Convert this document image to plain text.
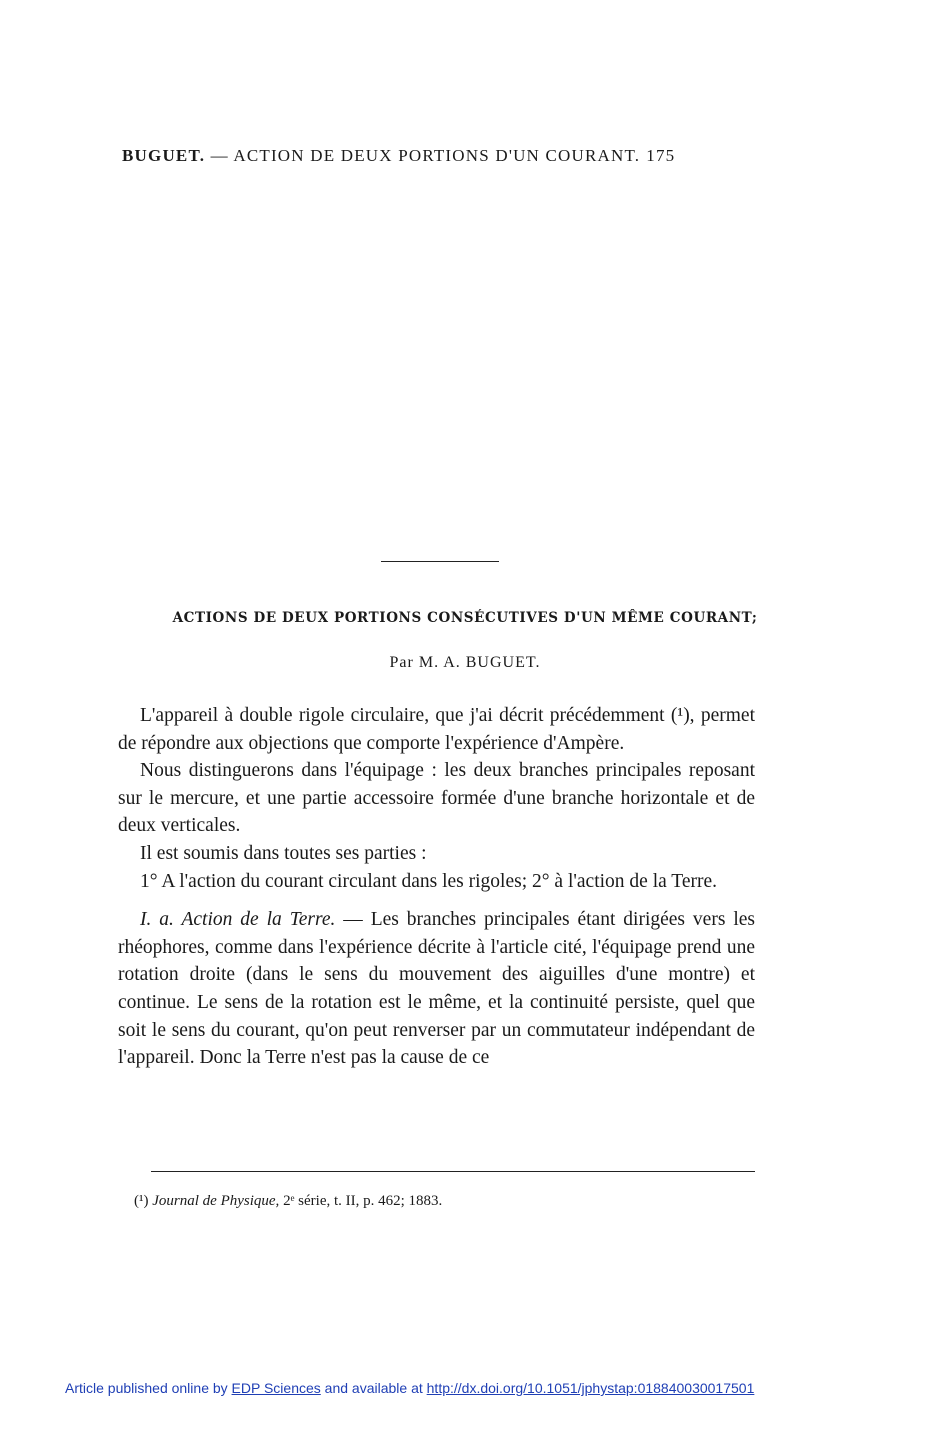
BUGUET. — ACTION DE DEUX PORTIONS D'UN COURANT. 175
ACTIONS DE DEUX PORTIONS CONSÉCUTIVES D'UN MÊME COURANT;
Par M. A. BUGUET.

L'appareil à double rigole circulaire, que j'ai décrit précédemment (¹), permet de répondre aux objections que comporte l'expérience d'Ampère.

Nous distinguerons dans l'équipage : les deux branches principales reposant sur le mercure, et une partie accessoire formée d'une branche horizontale et de deux verticales.

Il est soumis dans toutes ses parties :

1° A l'action du courant circulant dans les rigoles; 2° à l'action de la Terre.

I. a. Action de la Terre. — Les branches principales étant dirigées vers les rhéophores, comme dans l'expérience décrite à l'article cité, l'équipage prend une rotation droite (dans le sens du mouvement des aiguilles d'une montre) et continue. Le sens de la rotation est le même, et la continuité persiste, quel que soit le sens du courant, qu'on peut renverser par un commutateur indépendant de l'appareil. Donc la Terre n'est pas la cause de ce

(¹) Journal de Physique, 2ᵉ série, t. II, p. 462; 1883.
Article published online by EDP Sciences and available at http://dx.doi.org/10.1051/jphystap:018840030017501
